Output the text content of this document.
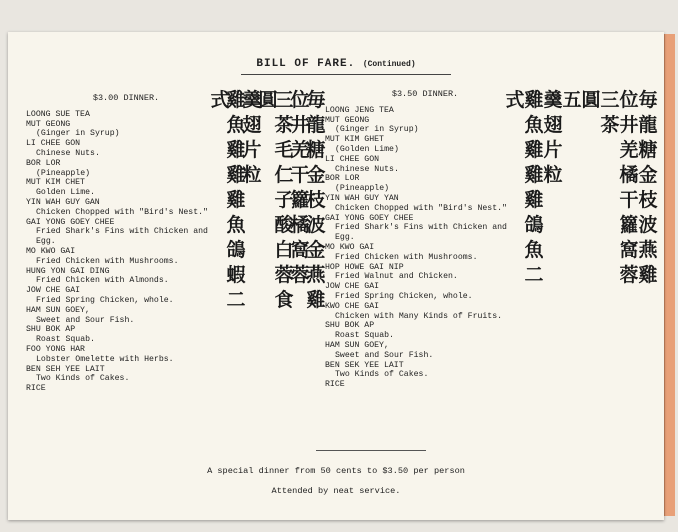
BILL OF FARE. (Continued)
$3.00 DINNER.
LOONG SUE TEA
MUT GEONG
(Ginger in Syrup)
LI CHEE GON
Chinese Nuts.
BOR LOR
(Pineapple)
MUT KIM CHET
Golden Lime.
YIN WAH GUY GAN
Chicken Chopped with "Bird's Nest."
GAI YONG GOEY CHEE
Fried Shark's Fins with Chicken and Egg.
MO KWO GAI
Fried Chicken with Mushrooms.
HUNG YON GAI DING
Fried Chicken with Almonds.
JOW CHE GAI
Fried Spring Chicken, whole.
HAM SUN GOEY,
Sweet and Sour Fish.
SHU BOK AP
Roast Squab.
FOO YONG HAR
Lobster Omelette with Herbs.
BEN SEH YEE LAIT
Two Kinds of Cakes.
RICE
毎龍糖金枝波金燕雞
位井羌干籮橘窩蓉
三茶毛仁子酸白蓉食
圓
羹翅片粒
雞魚雞雞雞魚鴿蝦二
式	$3.50 DINNER.
LOONG JENG TEA
MUT GEONG
(Ginger in Syrup)
MUT KIM GHET
(Golden Lime)
LI CHEE GON
Chinese Nuts.
BOR LOR
(Pineapple)
YIN WAH GUY YAN
Chicken Chopped with "Bird's Nest."
GAI YONG GOEY CHEE
Fried Shark's Fins with Chicken and Egg.
MO KWO GAI
Fried Chicken with Mushrooms.
HOP HOWE GAI NIP
Fried Walnut and Chicken.
JOW CHE GAI
Fried Spring Chicken, whole.
KWO CHE GAI
Chicken with Many Kinds of Fruits.
SHU BOK AP
Roast Squab.
HAM SUN GOEY,
Sweet and Sour Fish.
BEN SEK YEE LAIT
Two Kinds of Cakes.
RICE
毎龍糖金枝波燕雞
位井羌橘干籮窩蓉
三茶
圓
五
羹翅片粒
雞魚雞雞雞鴿魚二
式
A special dinner from 50 cents to $3.50 per person
Attended by neat service.
